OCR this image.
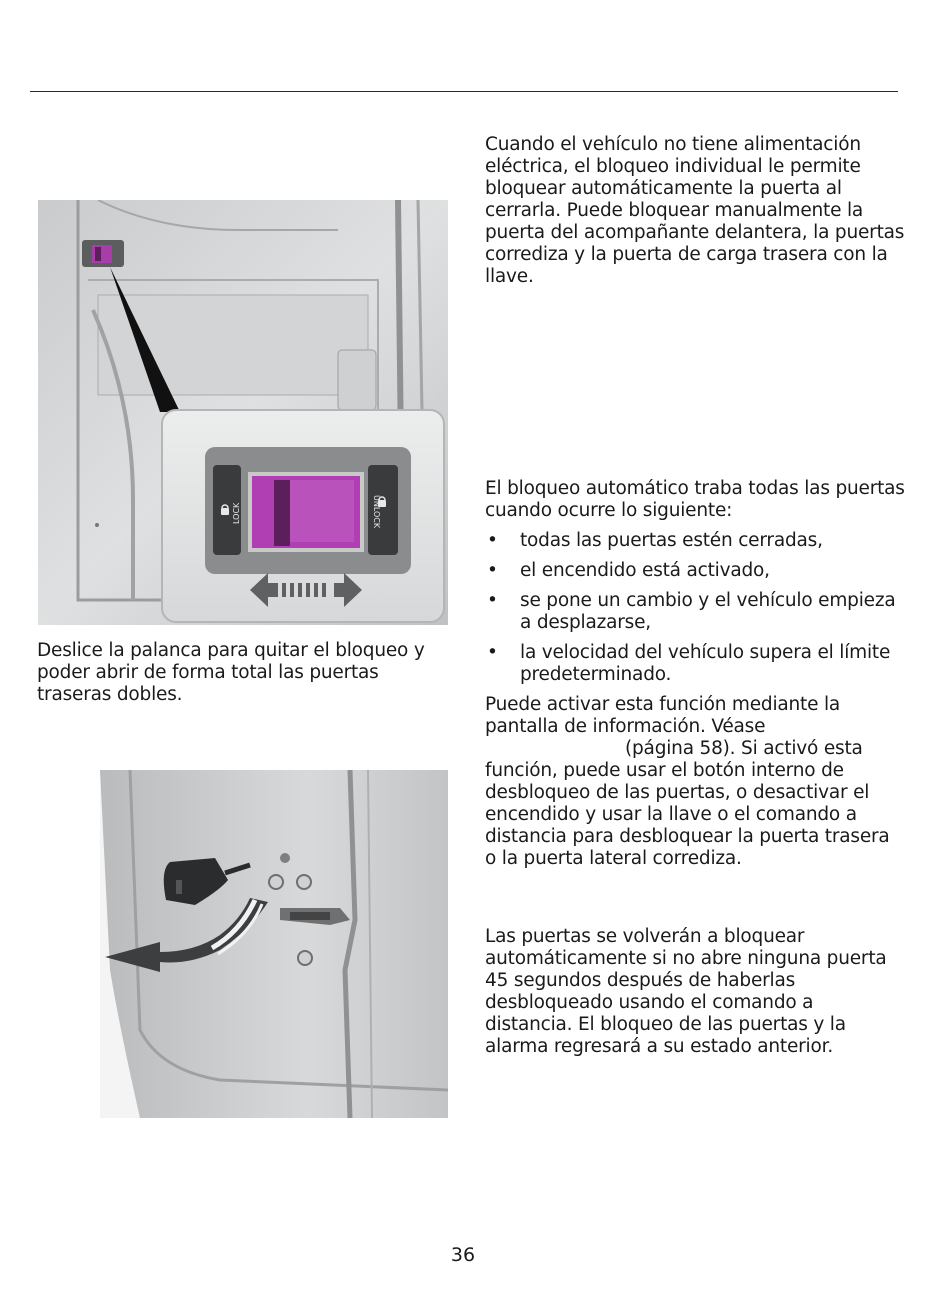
LOCK	UNLOCK

Cuando el vehículo no tiene alimentación eléctrica, el bloqueo individual le permite bloquear automáticamente la puerta al cerrarla. Puede bloquear manualmente la puerta del acompañante delantera, la puertas corrediza y la puerta de carga trasera con la llave.

El bloqueo automático traba todas las puertas cuando ocurre lo siguiente:

• todas las puertas estén cerradas,
• el encendido está activado,
• se pone un cambio y el vehículo empieza a desplazarse,
• la velocidad del vehículo supera el límite predeterminado.

Puede activar esta función mediante la pantalla de información. Véase
(página 58). Si activó esta función, puede usar el botón interno de desbloqueo de las puertas, o desactivar el encendido y usar la llave o el comando a distancia para desbloquear la puerta trasera o la puerta lateral corrediza.

Las puertas se volverán a bloquear automáticamente si no abre ninguna puerta 45 segundos después de haberlas desbloqueado usando el comando a distancia. El bloqueo de las puertas y la alarma regresará a su estado anterior.

Deslice la palanca para quitar el bloqueo y poder abrir de forma total las puertas traseras dobles.

36
